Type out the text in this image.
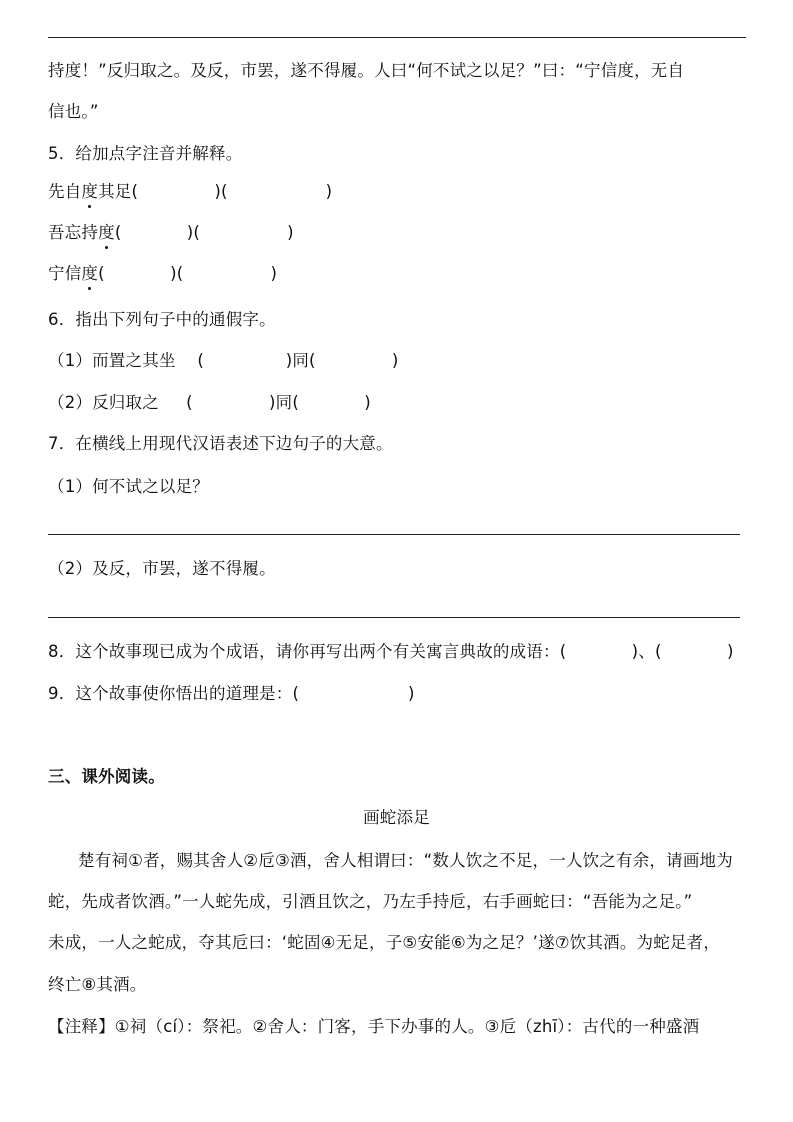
持度！”反归取之。及反，市罢，遂不得履。人曰“何不试之以足？”曰：“宁信度，无自
信也。”
5．给加点字注音并解释。
先自度其足(              )(                  )
吾忘持度(            )(                )
宁信度(            )(                )
6．指出下列句子中的通假字。
（1）而置之其坐    (               )同(              )
（2）反归取之     (              )同(            )
7．在横线上用现代汉语表述下边句子的大意。
（1）何不试之以足？
（2）及反，市罢，遂不得履。
8．这个故事现已成为个成语，请你再写出两个有关寓言典故的成语：(            )、(            )
9．这个故事使你悟出的道理是：(                    )
三、课外阅读。
画蛇添足
楚有祠①者，赐其舍人②卮③酒，舍人相谓曰：“数人饮之不足，一人饮之有余，请画地为
蛇，先成者饮酒。”一人蛇先成，引酒且饮之，乃左手持卮，右手画蛇曰：“吾能为之足。”
未成，一人之蛇成，夺其卮曰：‘蛇固④无足，子⑤安能⑥为之足？’遂⑦饮其酒。为蛇足者，
终亡⑧其酒。
【注释】①祠（cí）：祭祀。②舍人：门客，手下办事的人。③卮（zhī）：古代的一种盛酒
